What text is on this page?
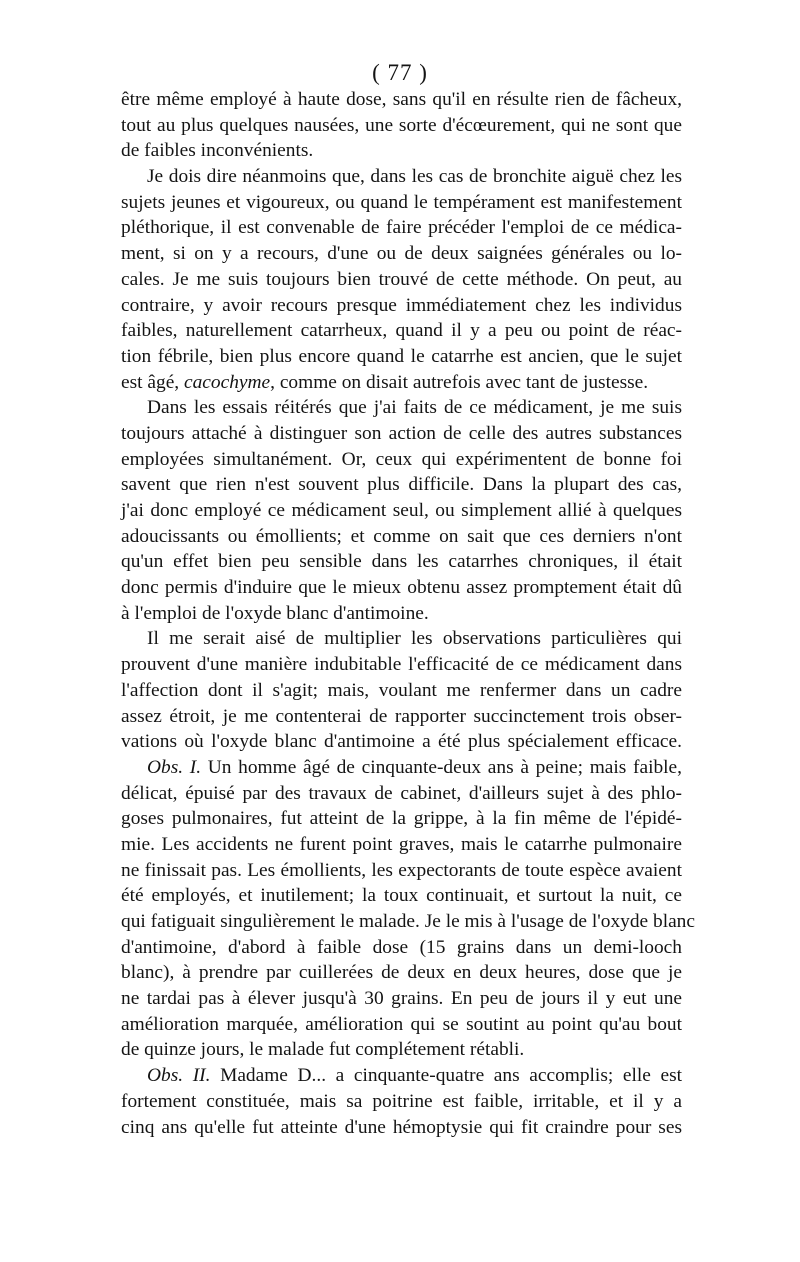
( 77 )
être même employé à haute dose, sans qu'il en résulte rien de fâcheux,
tout au plus quelques nausées, une sorte d'écœurement, qui ne sont que
de faibles inconvénients.
Je dois dire néanmoins que, dans les cas de bronchite aiguë chez les
sujets jeunes et vigoureux, ou quand le tempérament est manifestement
pléthorique, il est convenable de faire précéder l'emploi de ce médica-
ment, si on y a recours, d'une ou de deux saignées générales ou lo-
cales. Je me suis toujours bien trouvé de cette méthode. On peut, au
contraire, y avoir recours presque immédiatement chez les individus
faibles, naturellement catarrheux, quand il y a peu ou point de réac-
tion fébrile, bien plus encore quand le catarrhe est ancien, que le sujet
est âgé, cacochyme, comme on disait autrefois avec tant de justesse.
Dans les essais réitérés que j'ai faits de ce médicament, je me suis
toujours attaché à distinguer son action de celle des autres substances
employées simultanément. Or, ceux qui expérimentent de bonne foi
savent que rien n'est souvent plus difficile. Dans la plupart des cas,
j'ai donc employé ce médicament seul, ou simplement allié à quelques
adoucissants ou émollients; et comme on sait que ces derniers n'ont
qu'un effet bien peu sensible dans les catarrhes chroniques, il était
donc permis d'induire que le mieux obtenu assez promptement était dû
à l'emploi de l'oxyde blanc d'antimoine.
Il me serait aisé de multiplier les observations particulières qui
prouvent d'une manière indubitable l'efficacité de ce médicament dans
l'affection dont il s'agit; mais, voulant me renfermer dans un cadre
assez étroit, je me contenterai de rapporter succinctement trois obser-
vations où l'oxyde blanc d'antimoine a été plus spécialement efficace.
Obs. I. Un homme âgé de cinquante-deux ans à peine; mais faible,
délicat, épuisé par des travaux de cabinet, d'ailleurs sujet à des phlo-
goses pulmonaires, fut atteint de la grippe, à la fin même de l'épidé-
mie. Les accidents ne furent point graves, mais le catarrhe pulmonaire
ne finissait pas. Les émollients, les expectorants de toute espèce avaient
été employés, et inutilement; la toux continuait, et surtout la nuit, ce
qui fatiguait singulièrement le malade. Je le mis à l'usage de l'oxyde blanc
d'antimoine, d'abord à faible dose (15 grains dans un demi-looch
blanc), à prendre par cuillerées de deux en deux heures, dose que je
ne tardai pas à élever jusqu'à 30 grains. En peu de jours il y eut une
amélioration marquée, amélioration qui se soutint au point qu'au bout
de quinze jours, le malade fut complétement rétabli.
Obs. II. Madame D... a cinquante-quatre ans accomplis; elle est
fortement constituée, mais sa poitrine est faible, irritable, et il y a
cinq ans qu'elle fut atteinte d'une hémoptysie qui fit craindre pour ses
